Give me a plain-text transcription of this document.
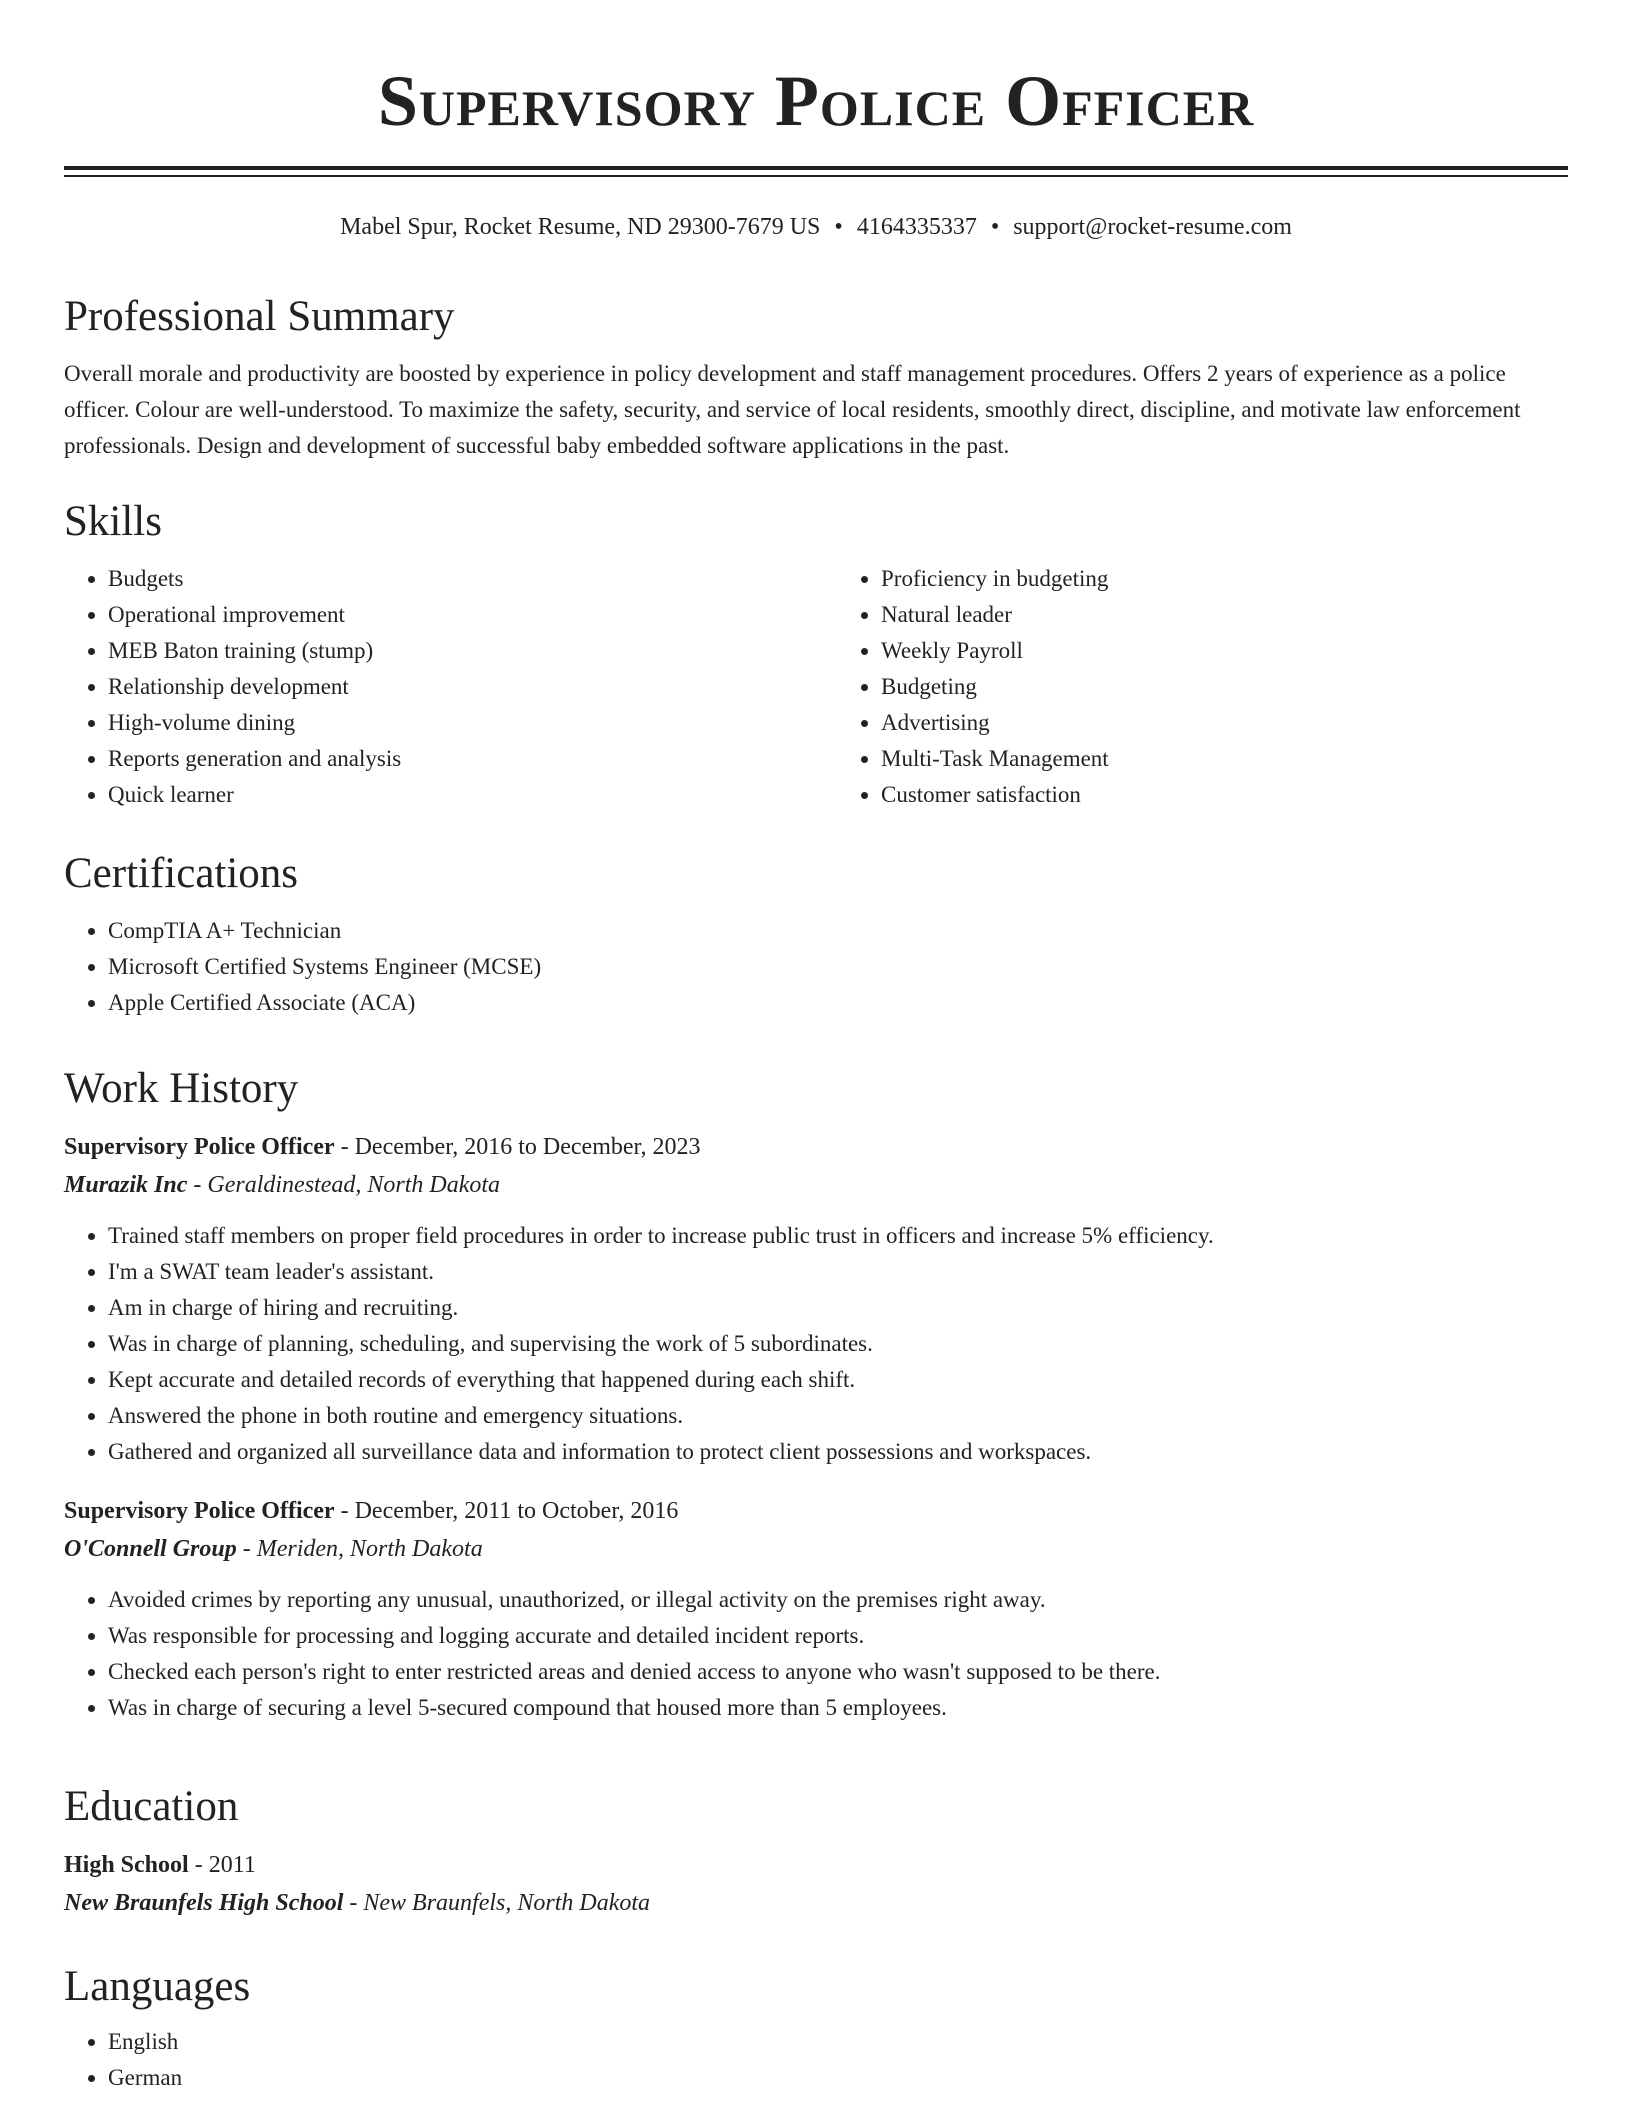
Supervisory Police Officer
Mabel Spur, Rocket Resume, ND 29300-7679 US • 4164335337 • support@rocket-resume.com
Professional Summary

Overall morale and productivity are boosted by experience in policy development and staff management procedures. Offers 2 years of experience as a police officer. Colour are well-understood. To maximize the safety, security, and service of local residents, smoothly direct, discipline, and motivate law enforcement professionals. Design and development of successful baby embedded software applications in the past.

Skills
• Budgets
• Operational improvement
• MEB Baton training (stump)
• Relationship development
• High-volume dining
• Reports generation and analysis
• Quick learner
• Proficiency in budgeting
• Natural leader
• Weekly Payroll
• Budgeting
• Advertising
• Multi-Task Management
• Customer satisfaction
Certifications
• CompTIA A+ Technician
• Microsoft Certified Systems Engineer (MCSE)
• Apple Certified Associate (ACA)
Work History
Supervisory Police Officer - December, 2016 to December, 2023
Murazik Inc - Geraldinestead, North Dakota
• Trained staff members on proper field procedures in order to increase public trust in officers and increase 5% efficiency.
• I'm a SWAT team leader's assistant.
• Am in charge of hiring and recruiting.
• Was in charge of planning, scheduling, and supervising the work of 5 subordinates.
• Kept accurate and detailed records of everything that happened during each shift.
• Answered the phone in both routine and emergency situations.
• Gathered and organized all surveillance data and information to protect client possessions and workspaces.
Supervisory Police Officer - December, 2011 to October, 2016
O'Connell Group - Meriden, North Dakota
• Avoided crimes by reporting any unusual, unauthorized, or illegal activity on the premises right away.
• Was responsible for processing and logging accurate and detailed incident reports.
• Checked each person's right to enter restricted areas and denied access to anyone who wasn't supposed to be there.
• Was in charge of securing a level 5-secured compound that housed more than 5 employees.
Education
High School - 2011
New Braunfels High School - New Braunfels, North Dakota
Languages
• English
• German
